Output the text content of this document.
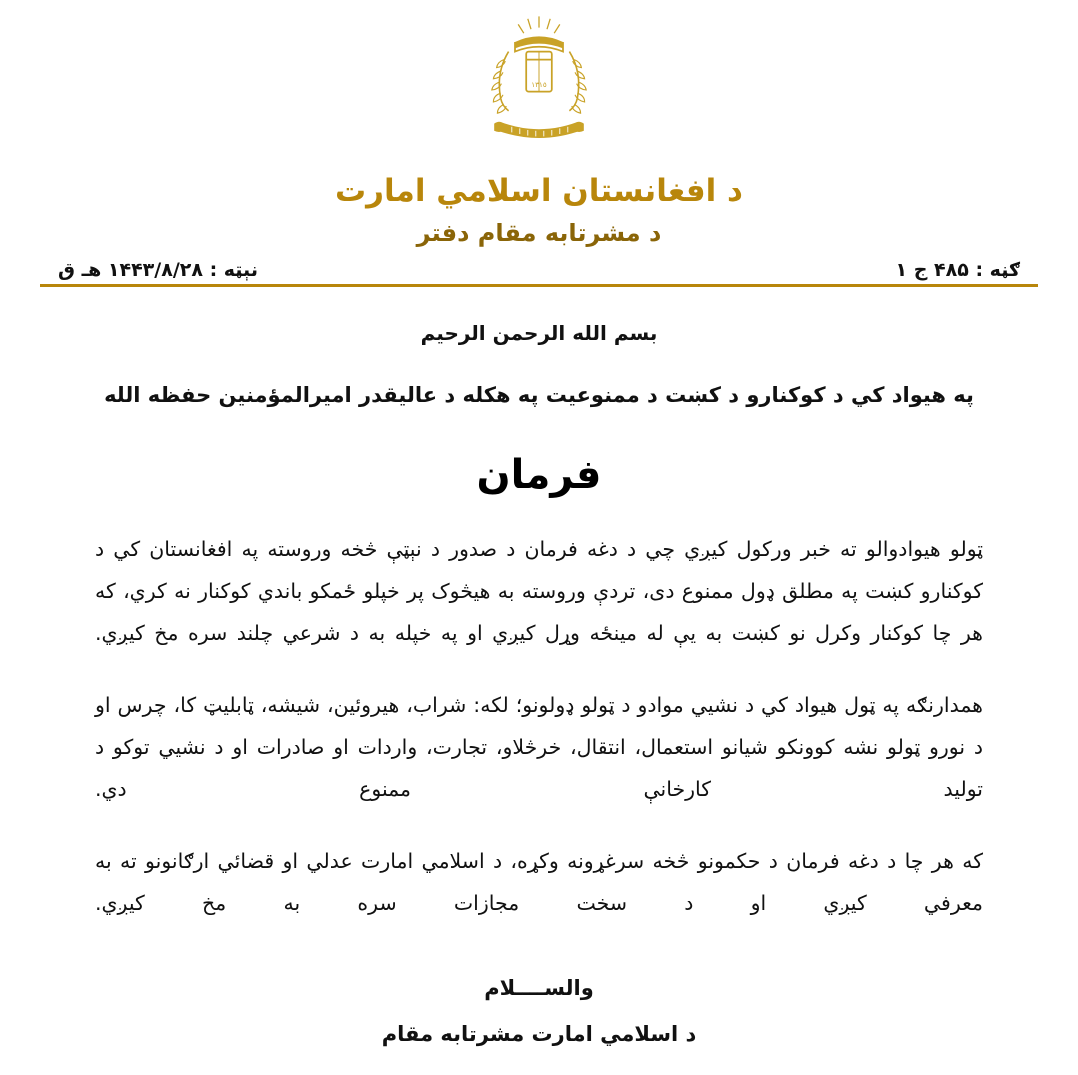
١٣١٥
د افغانستان اسلامي امارت
د مشرتابه مقام دفتر
ګڼه : ۴۸۵ ج ۱
نېټه : ۱۴۴۳/۸/۲۸ هـ ق
بسم الله الرحمن الرحيم
په هیواد کي د کوکنارو د کښت د ممنوعیت په هکله د عالیقدر امیرالمؤمنین حفظه الله
فرمان

ټولو هیوادوالو ته خبر ورکول کیږي چي د دغه فرمان د صدور د نېټې څخه وروسته په افغانستان کي د کوکنارو کښت په مطلق ډول ممنوع دی، تردې وروسته به هیڅوک پر خپلو ځمکو باندي کوکنار نه کري، که هر چا کوکنار وکرل نو کښت به یې له مینځه وړل کیږي او په خپله به د شرعي چلند سره مخ کیږي.

همدارنګه په ټول هیواد کي د نشیي موادو د ټولو ډولونو؛ لکه: شراب، هیروئین، شیشه، ټابلیټ کا، چرس او د نورو ټولو نشه کوونکو شیانو استعمال، انتقال، خرڅلاو، تجارت، واردات او صادرات او د نشیي توکو د تولید کارخانې ممنوع دي.

که هر چا د دغه فرمان د حکمونو څخه سرغړونه وکړه، د اسلامي امارت عدلي او قضائي ارګانونو ته به معرفي کیږي او د سخت مجازات سره به مخ کیږي.

والســــلام
د اسلامي امارت مشرتابه مقام
